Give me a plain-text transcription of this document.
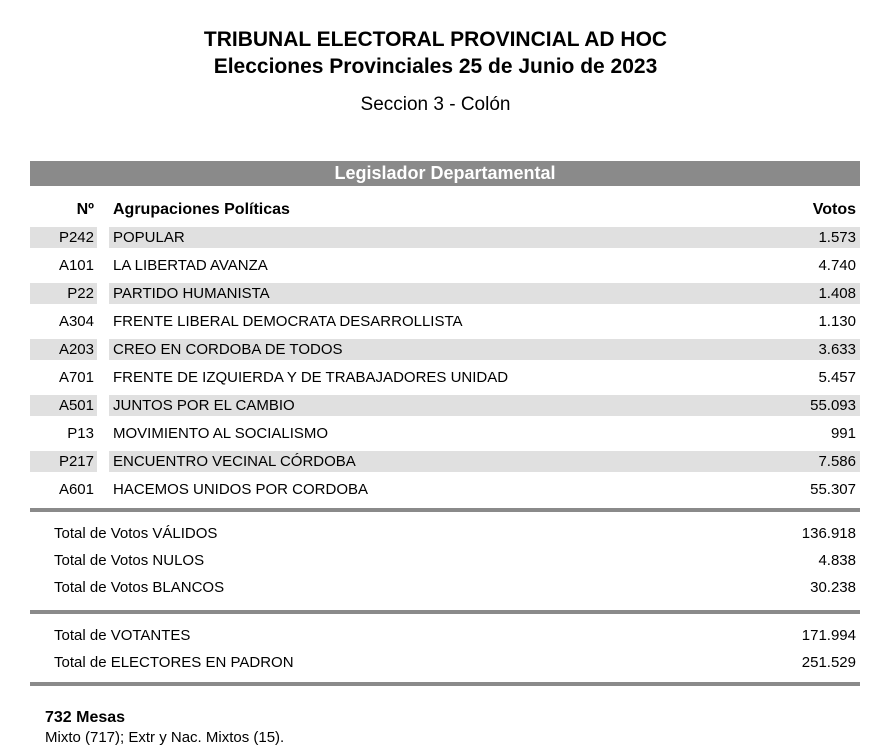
TRIBUNAL ELECTORAL PROVINCIAL AD HOC
Elecciones Provinciales 25 de Junio de 2023
Seccion 3 - Colón
Legislador Departamental
Nº Agrupaciones Políticas	Votos
P242 POPULAR	1.573
A101 LA LIBERTAD AVANZA	4.740
P22 PARTIDO HUMANISTA	1.408
A304 FRENTE LIBERAL DEMOCRATA DESARROLLISTA	1.130
A203 CREO EN CORDOBA DE TODOS	3.633
A701 FRENTE DE IZQUIERDA Y DE TRABAJADORES UNIDAD	5.457
A501 JUNTOS POR EL CAMBIO	55.093
P13 MOVIMIENTO AL SOCIALISMO	991
P217 ENCUENTRO VECINAL CÓRDOBA	7.586
A601 HACEMOS UNIDOS POR CORDOBA	55.307
Total de Votos VÁLIDOS	136.918
Total de Votos NULOS	4.838
Total de Votos BLANCOS	30.238
Total de VOTANTES	171.994
Total de ELECTORES EN PADRON	251.529
732 Mesas
Mixto (717); Extr y Nac. Mixtos (15).
